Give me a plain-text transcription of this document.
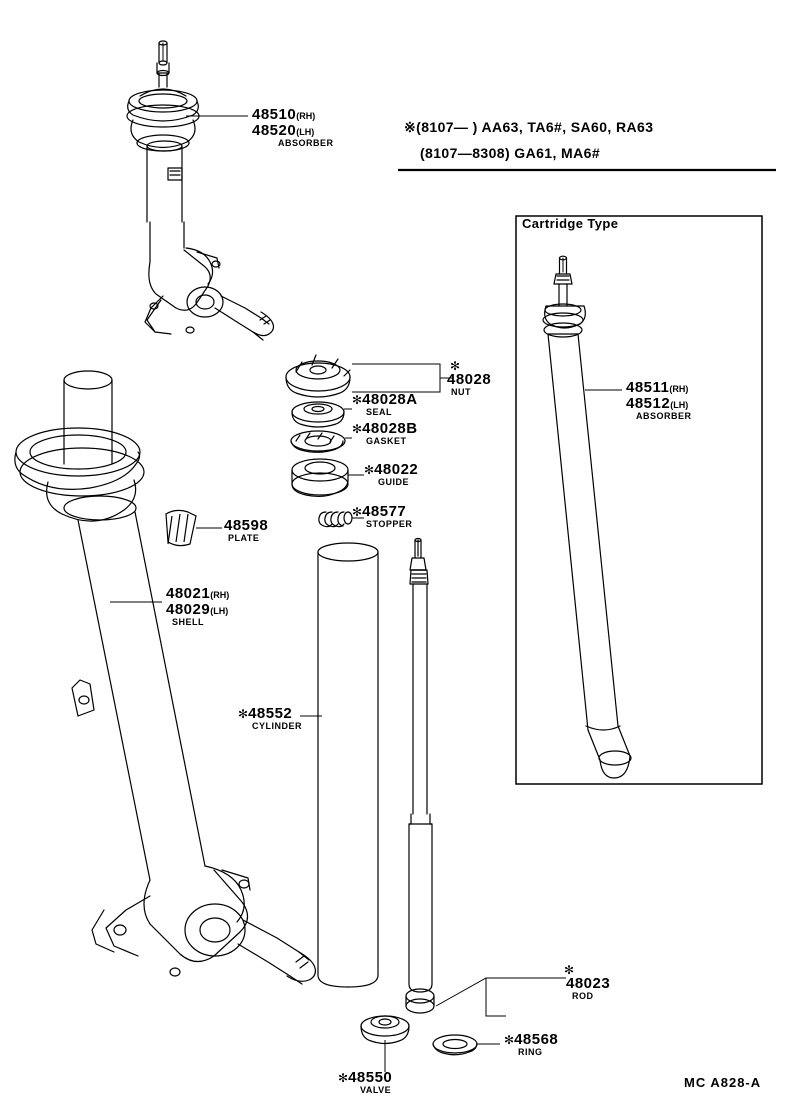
※(8107— ) AA63, TA6#, SA60, RA63
(8107—8308) GA61, MA6#
Cartridge Type
48510 (RH)
48520 (LH)
ABSORBER
✻
48028
NUT
✻ 48028A
SEAL
✻ 48028B
GASKET
✻ 48022
GUIDE
✻ 48577
STOPPER
48598
PLATE
48021 (RH)
48029 (LH)
SHELL
✻ 48552
CYLINDER
✻ 48550
VALVE
✻ 48568
RING
✻
48023
ROD
48511 (RH)
48512 (LH)
ABSORBER
MC A828-A
